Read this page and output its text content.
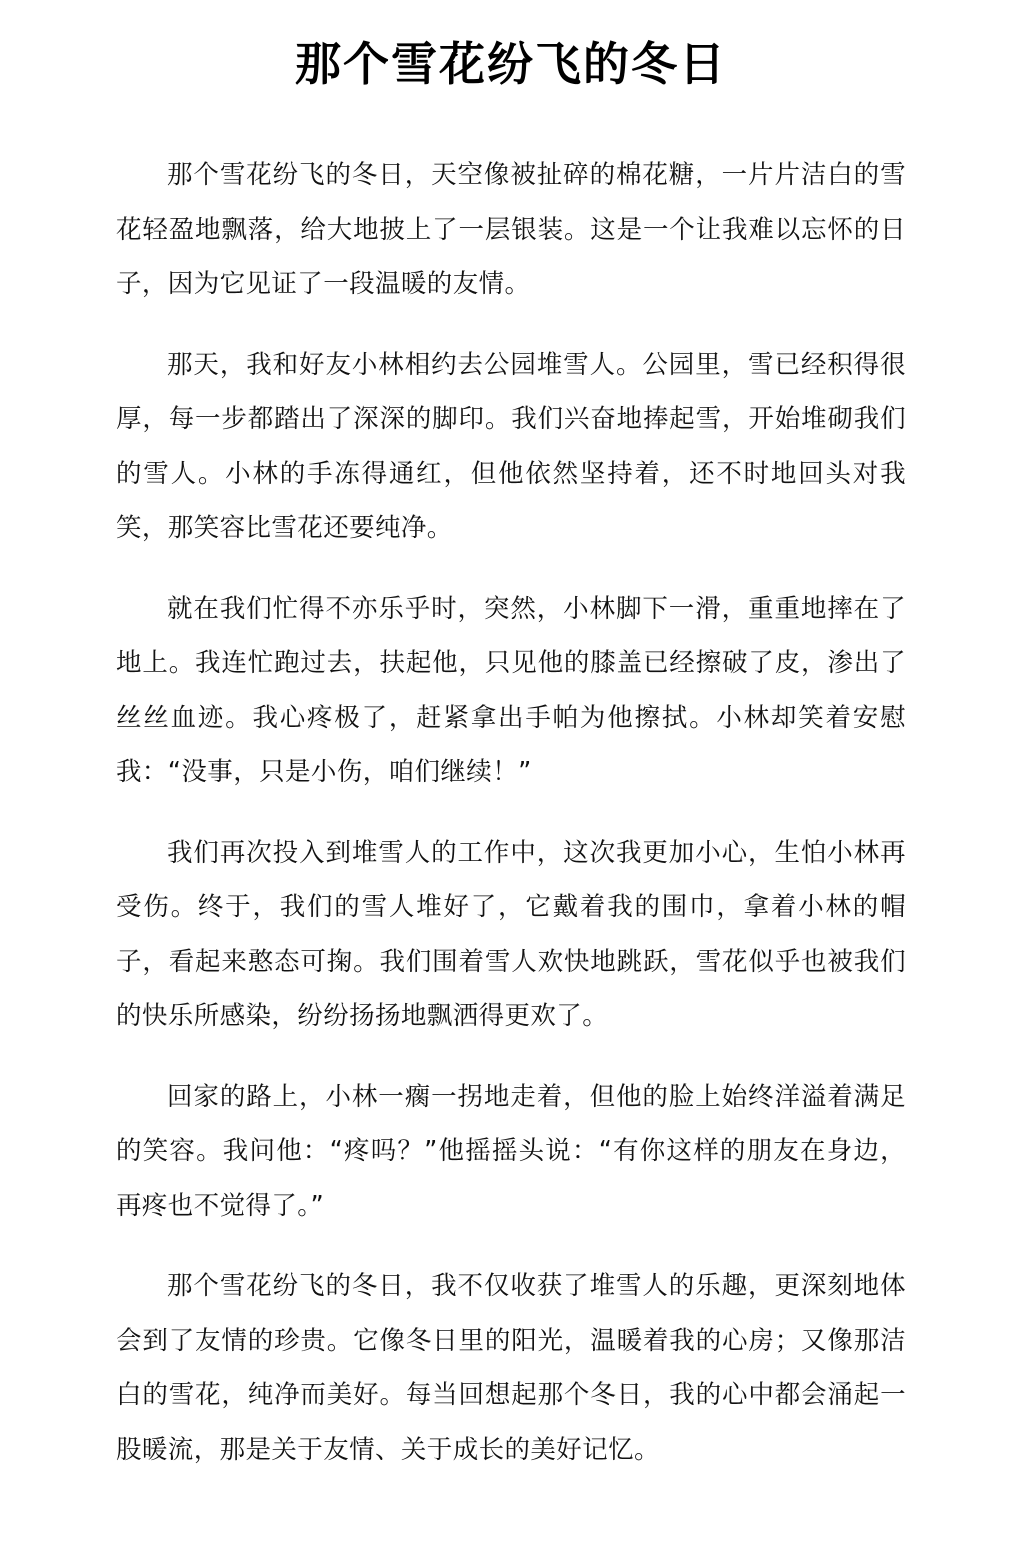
那个雪花纷飞的冬日

那个雪花纷飞的冬日，天空像被扯碎的棉花糖，一片片洁白的雪花轻盈地飘落，给大地披上了一层银装。这是一个让我难以忘怀的日子，因为它见证了一段温暖的友情。

那天，我和好友小林相约去公园堆雪人。公园里，雪已经积得很厚，每一步都踏出了深深的脚印。我们兴奋地捧起雪，开始堆砌我们的雪人。小林的手冻得通红，但他依然坚持着，还不时地回头对我笑，那笑容比雪花还要纯净。

就在我们忙得不亦乐乎时，突然，小林脚下一滑，重重地摔在了地上。我连忙跑过去，扶起他，只见他的膝盖已经擦破了皮，渗出了丝丝血迹。我心疼极了，赶紧拿出手帕为他擦拭。小林却笑着安慰我：“没事，只是小伤，咱们继续！”

我们再次投入到堆雪人的工作中，这次我更加小心，生怕小林再受伤。终于，我们的雪人堆好了，它戴着我的围巾，拿着小林的帽子，看起来憨态可掬。我们围着雪人欢快地跳跃，雪花似乎也被我们的快乐所感染，纷纷扬扬地飘洒得更欢了。

回家的路上，小林一瘸一拐地走着，但他的脸上始终洋溢着满足的笑容。我问他：“疼吗？”他摇摇头说：“有你这样的朋友在身边，再疼也不觉得了。”

那个雪花纷飞的冬日，我不仅收获了堆雪人的乐趣，更深刻地体会到了友情的珍贵。它像冬日里的阳光，温暖着我的心房；又像那洁白的雪花，纯净而美好。每当回想起那个冬日，我的心中都会涌起一股暖流，那是关于友情、关于成长的美好记忆。
